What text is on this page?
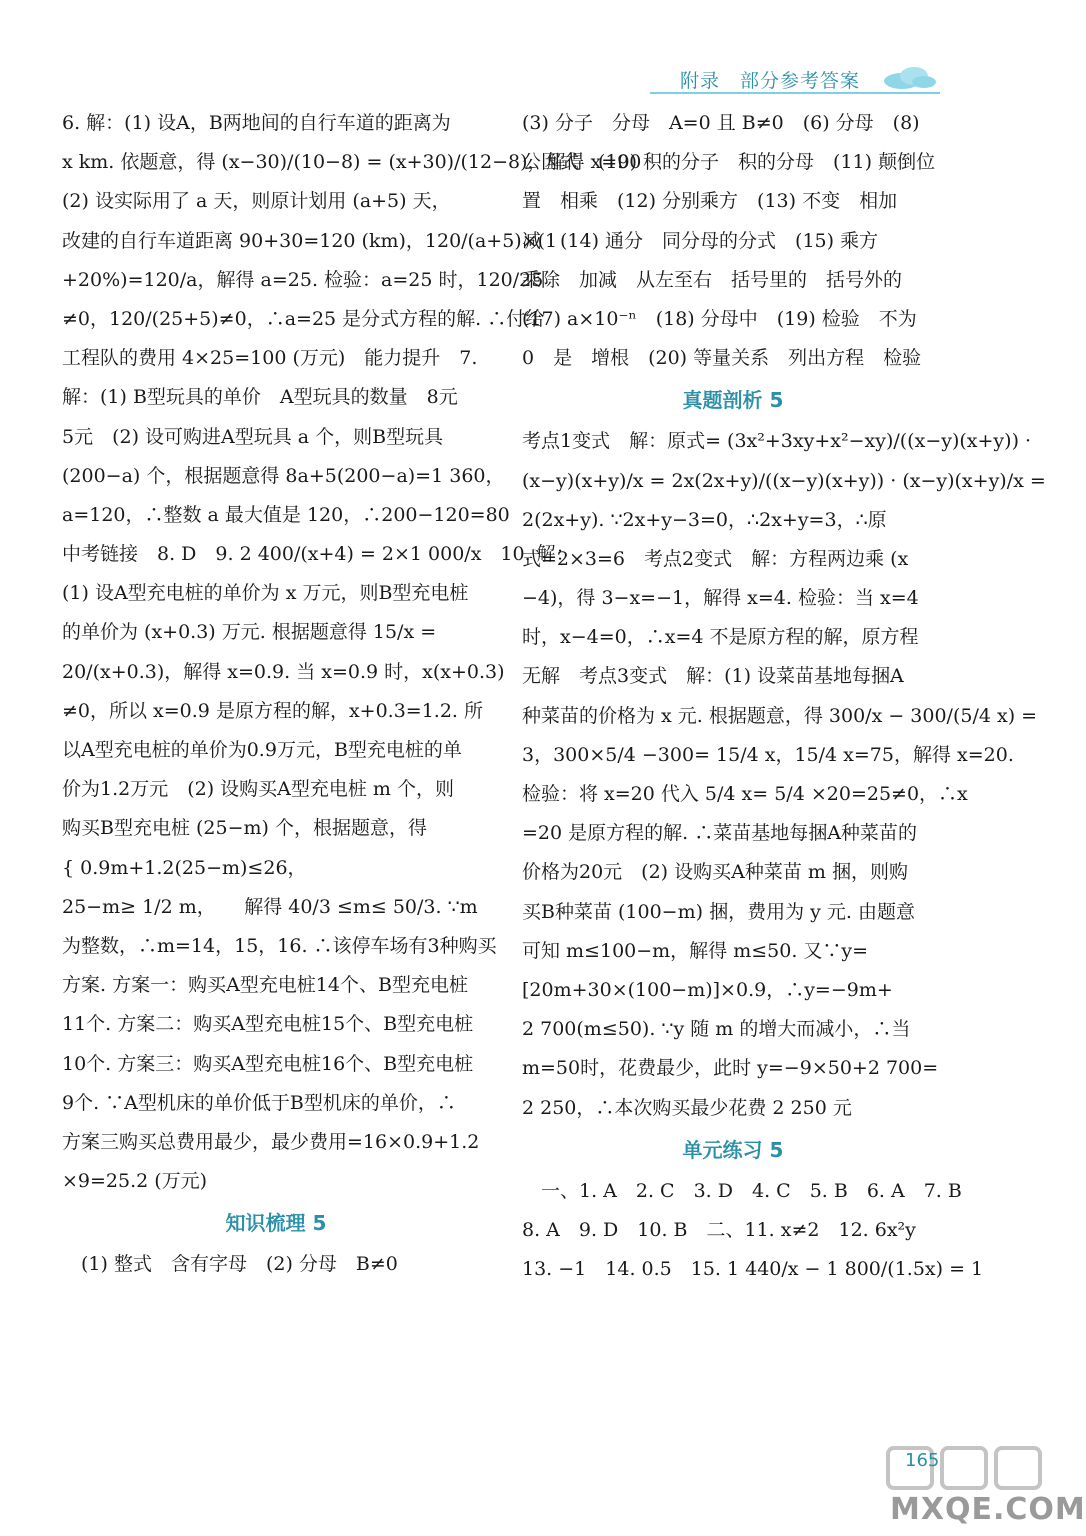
附录　部分参考答案
6. 解：(1) 设A，B两地间的自行车道的距离为
x km. 依题意，得 (x−30)/(10−8) = (x+30)/(12−8)，解得 x=90
(2) 设实际用了 a 天，则原计划用 (a+5) 天，
改建的自行车道距离 90+30=120 (km)，120/(a+5)×(1
+20%)=120/a，解得 a=25. 检验：a=25 时，120/25
≠0，120/(25+5)≠0，∴a=25 是分式方程的解. ∴付给
工程队的费用 4×25=100 (万元)　能力提升　7.
解：(1) B型玩具的单价　A型玩具的数量　8元
5元　(2) 设可购进A型玩具 a 个，则B型玩具
(200−a) 个，根据题意得 8a+5(200−a)=1 360，
a=120，∴整数 a 最大值是 120，∴200−120=80
中考链接　8. D　9. 2 400/(x+4) = 2×1 000/x　10. 解：
(1) 设A型充电桩的单价为 x 万元，则B型充电桩
的单价为 (x+0.3) 万元. 根据题意得 15/x =
20/(x+0.3)，解得 x=0.9. 当 x=0.9 时，x(x+0.3)
≠0，所以 x=0.9 是原方程的解，x+0.3=1.2. 所
以A型充电桩的单价为0.9万元，B型充电桩的单
价为1.2万元　(2) 设购买A型充电桩 m 个，则
购买B型充电桩 (25−m) 个，根据题意，得
{ 0.9m+1.2(25−m)≤26，
25−m≥ 1/2 m，　　解得 40/3 ≤m≤ 50/3. ∵m
为整数，∴m=14，15，16. ∴该停车场有3种购买
方案. 方案一：购买A型充电桩14个、B型充电桩
11个. 方案二：购买A型充电桩15个、B型充电桩
10个. 方案三：购买A型充电桩16个、B型充电桩
9个. ∵A型机床的单价低于B型机床的单价，∴
方案三购买总费用最少，最少费用=16×0.9+1.2
×9=25.2 (万元)
知识梳理 5
　(1) 整式　含有字母　(2) 分母　B≠0
(3) 分子　分母　A=0 且 B≠0　(6) 分母　(8)
公因式　(10) 积的分子　积的分母　(11) 颠倒位
置　相乘　(12) 分别乘方　(13) 不变　相加
减　(14) 通分　同分母的分式　(15) 乘方
乘除　加减　从左至右　括号里的　括号外的
(17) a×10⁻ⁿ　(18) 分母中　(19) 检验　不为
0　是　增根　(20) 等量关系　列出方程　检验
真题剖析 5
考点1变式　解：原式= (3x²+3xy+x²−xy)/((x−y)(x+y)) ·
(x−y)(x+y)/x = 2x(2x+y)/((x−y)(x+y)) · (x−y)(x+y)/x =
2(2x+y). ∵2x+y−3=0，∴2x+y=3，∴原
式=2×3=6　考点2变式　解：方程两边乘 (x
−4)，得 3−x=−1，解得 x=4. 检验：当 x=4
时，x−4=0，∴x=4 不是原方程的解，原方程
无解　考点3变式　解：(1) 设菜苗基地每捆A
种菜苗的价格为 x 元. 根据题意，得 300/x − 300/(5/4 x) =
3，300×5/4 −300= 15/4 x，15/4 x=75，解得 x=20.
检验：将 x=20 代入 5/4 x= 5/4 ×20=25≠0，∴x
=20 是原方程的解. ∴菜苗基地每捆A种菜苗的
价格为20元　(2) 设购买A种菜苗 m 捆，则购
买B种菜苗 (100−m) 捆，费用为 y 元. 由题意
可知 m≤100−m，解得 m≤50. 又∵y=
[20m+30×(100−m)]×0.9，∴y=−9m+
2 700(m≤50). ∵y 随 m 的增大而减小，∴当
m=50时，花费最少，此时 y=−9×50+2 700=
2 250，∴本次购买最少花费 2 250 元
单元练习 5
　一、1. A　2. C　3. D　4. C　5. B　6. A　7. B
8. A　9. D　10. B　二、11. x≠2　12. 6x²y
13. −1　14. 0.5　15. 1 440/x − 1 800/(1.5x) = 1
MXQE.COM
165
